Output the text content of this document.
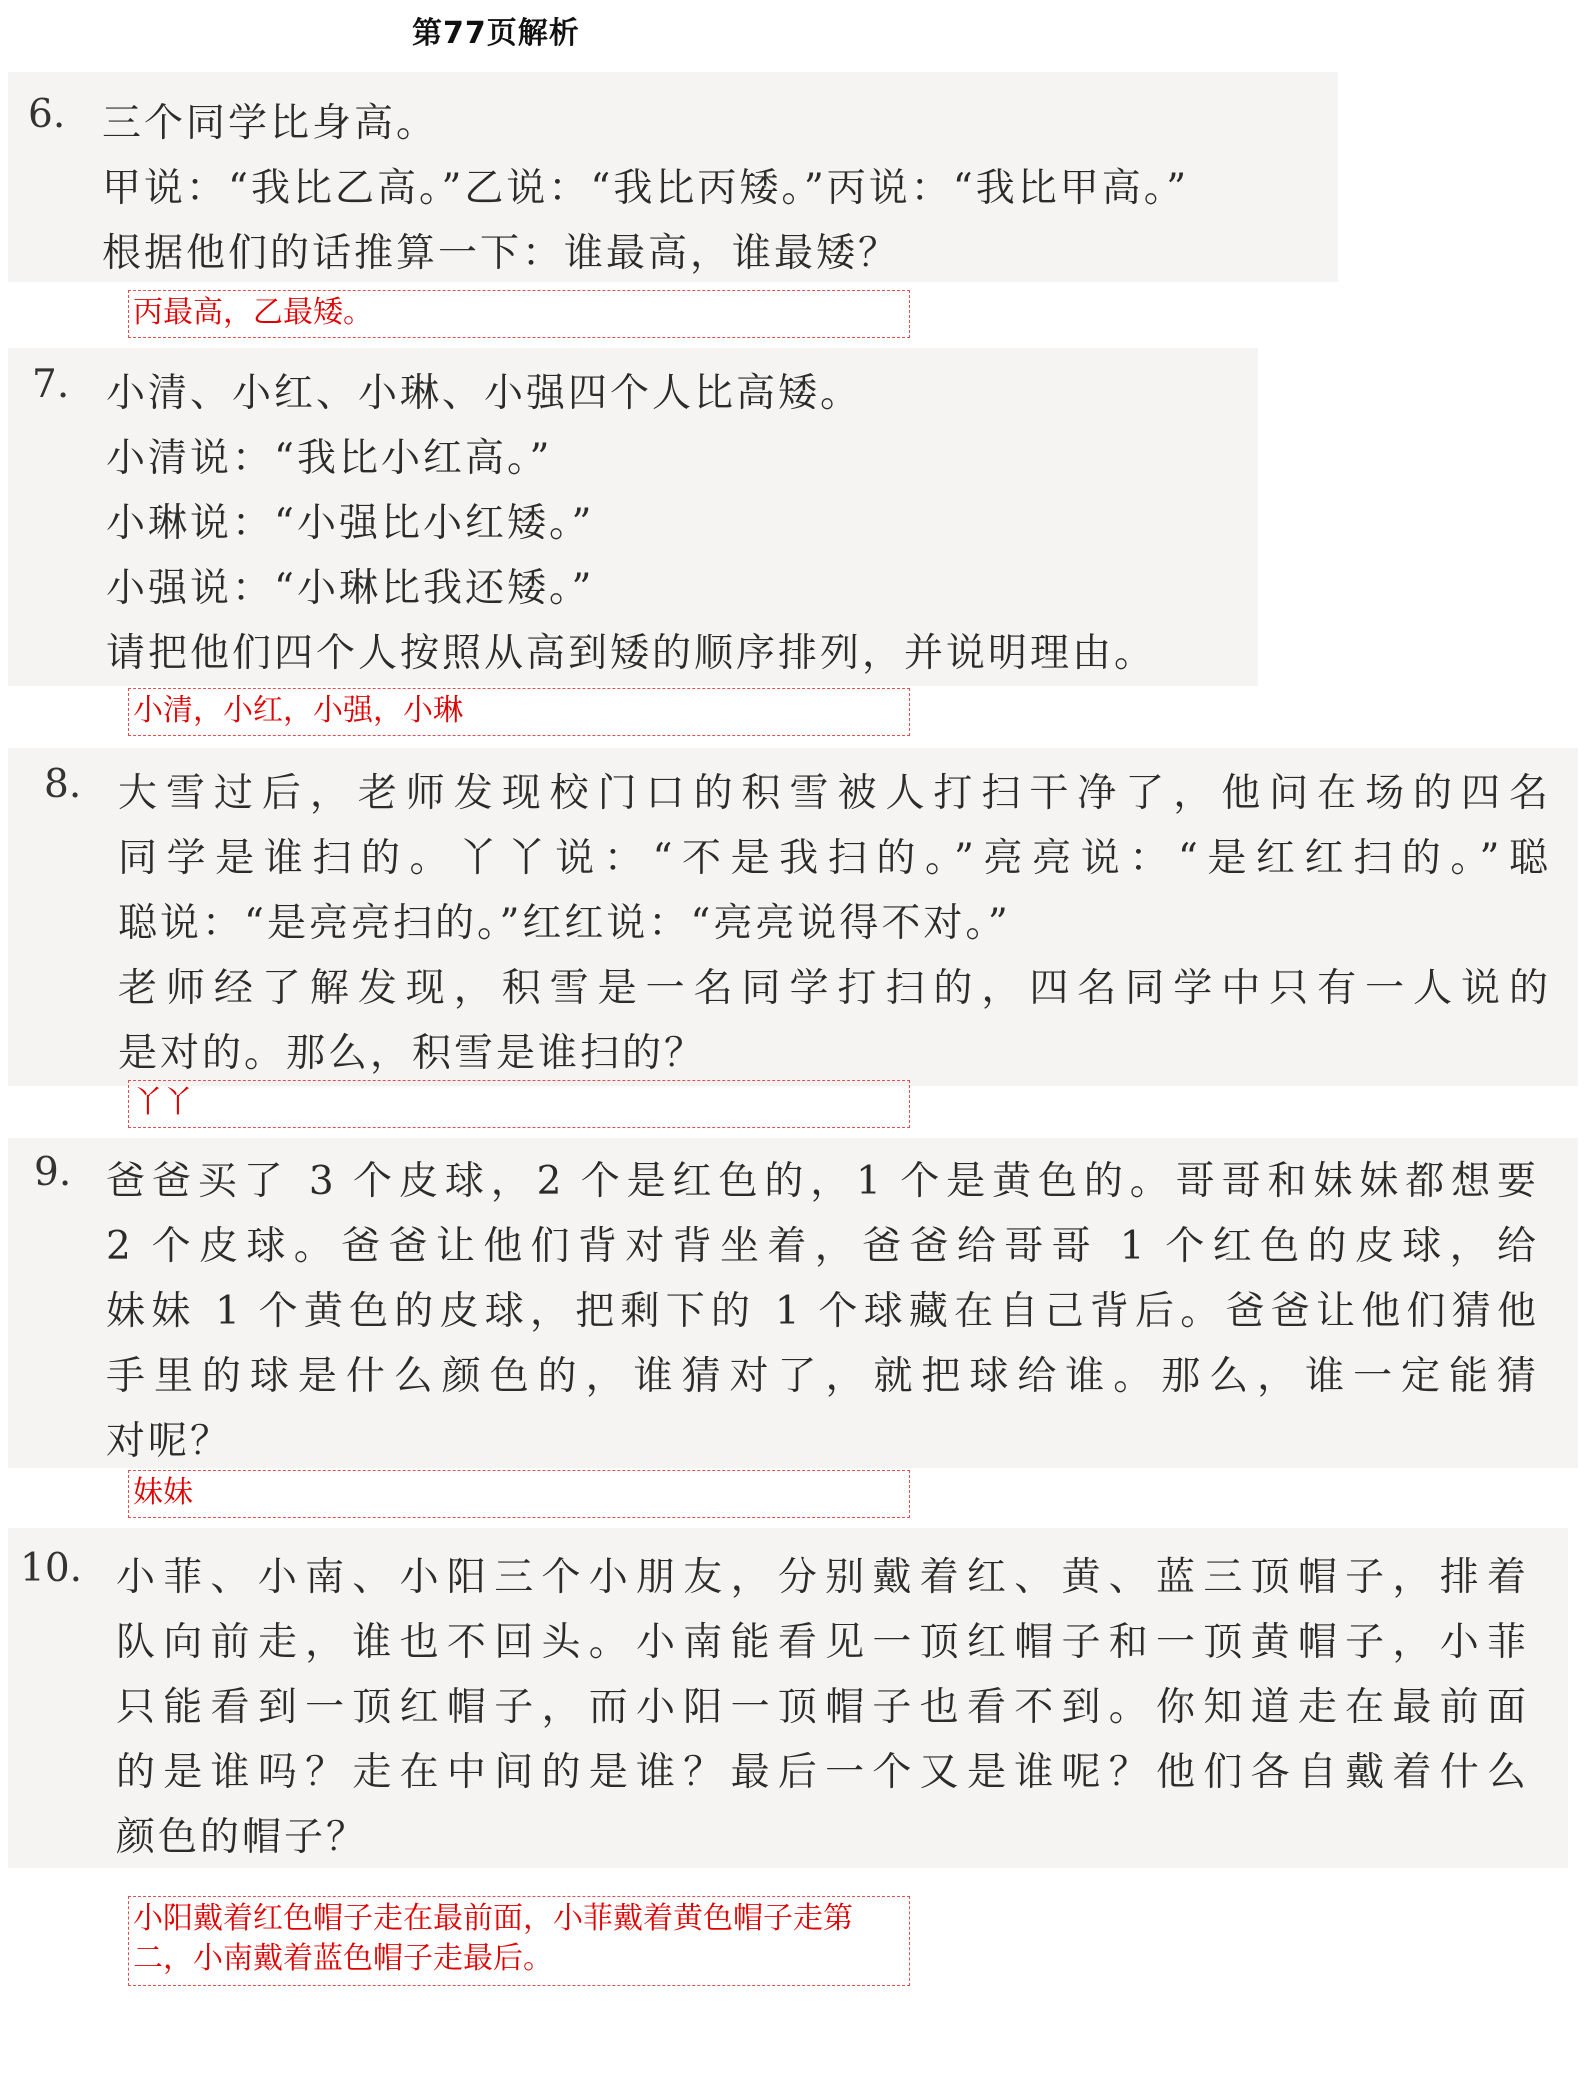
第77页解析
6. 三个同学比身高。
甲说：“我比乙高。”乙说：“我比丙矮。”丙说：“我比甲高。”
根据他们的话推算一下：谁最高，谁最矮？
丙最高，乙最矮。
7. 小清、小红、小琳、小强四个人比高矮。
小清说：“我比小红高。”
小琳说：“小强比小红矮。”
小强说：“小琳比我还矮。”
请把他们四个人按照从高到矮的顺序排列，并说明理由。
小清，小红，小强，小琳
8. 大雪过后，老师发现校门口的积雪被人打扫干净了，他问在场的四名
同学是谁扫的。丫丫说：“不是我扫的。”亮亮说：“是红红扫的。”聪
聪说：“是亮亮扫的。”红红说：“亮亮说得不对。”
老师经了解发现，积雪是一名同学打扫的，四名同学中只有一人说的
是对的。那么，积雪是谁扫的？
丫丫
9. 爸爸买了 3 个皮球，2 个是红色的，1 个是黄色的。哥哥和妹妹都想要
2 个皮球。爸爸让他们背对背坐着，爸爸给哥哥 1 个红色的皮球，给
妹妹 1 个黄色的皮球，把剩下的 1 个球藏在自己背后。爸爸让他们猜他
手里的球是什么颜色的，谁猜对了，就把球给谁。那么，谁一定能猜
对呢？
妹妹
10. 小菲、小南、小阳三个小朋友，分别戴着红、黄、蓝三顶帽子，排着
队向前走，谁也不回头。小南能看见一顶红帽子和一顶黄帽子，小菲
只能看到一顶红帽子，而小阳一顶帽子也看不到。你知道走在最前面
的是谁吗？走在中间的是谁？最后一个又是谁呢？他们各自戴着什么
颜色的帽子？
小阳戴着红色帽子走在最前面，小菲戴着黄色帽子走第
二，小南戴着蓝色帽子走最后。
